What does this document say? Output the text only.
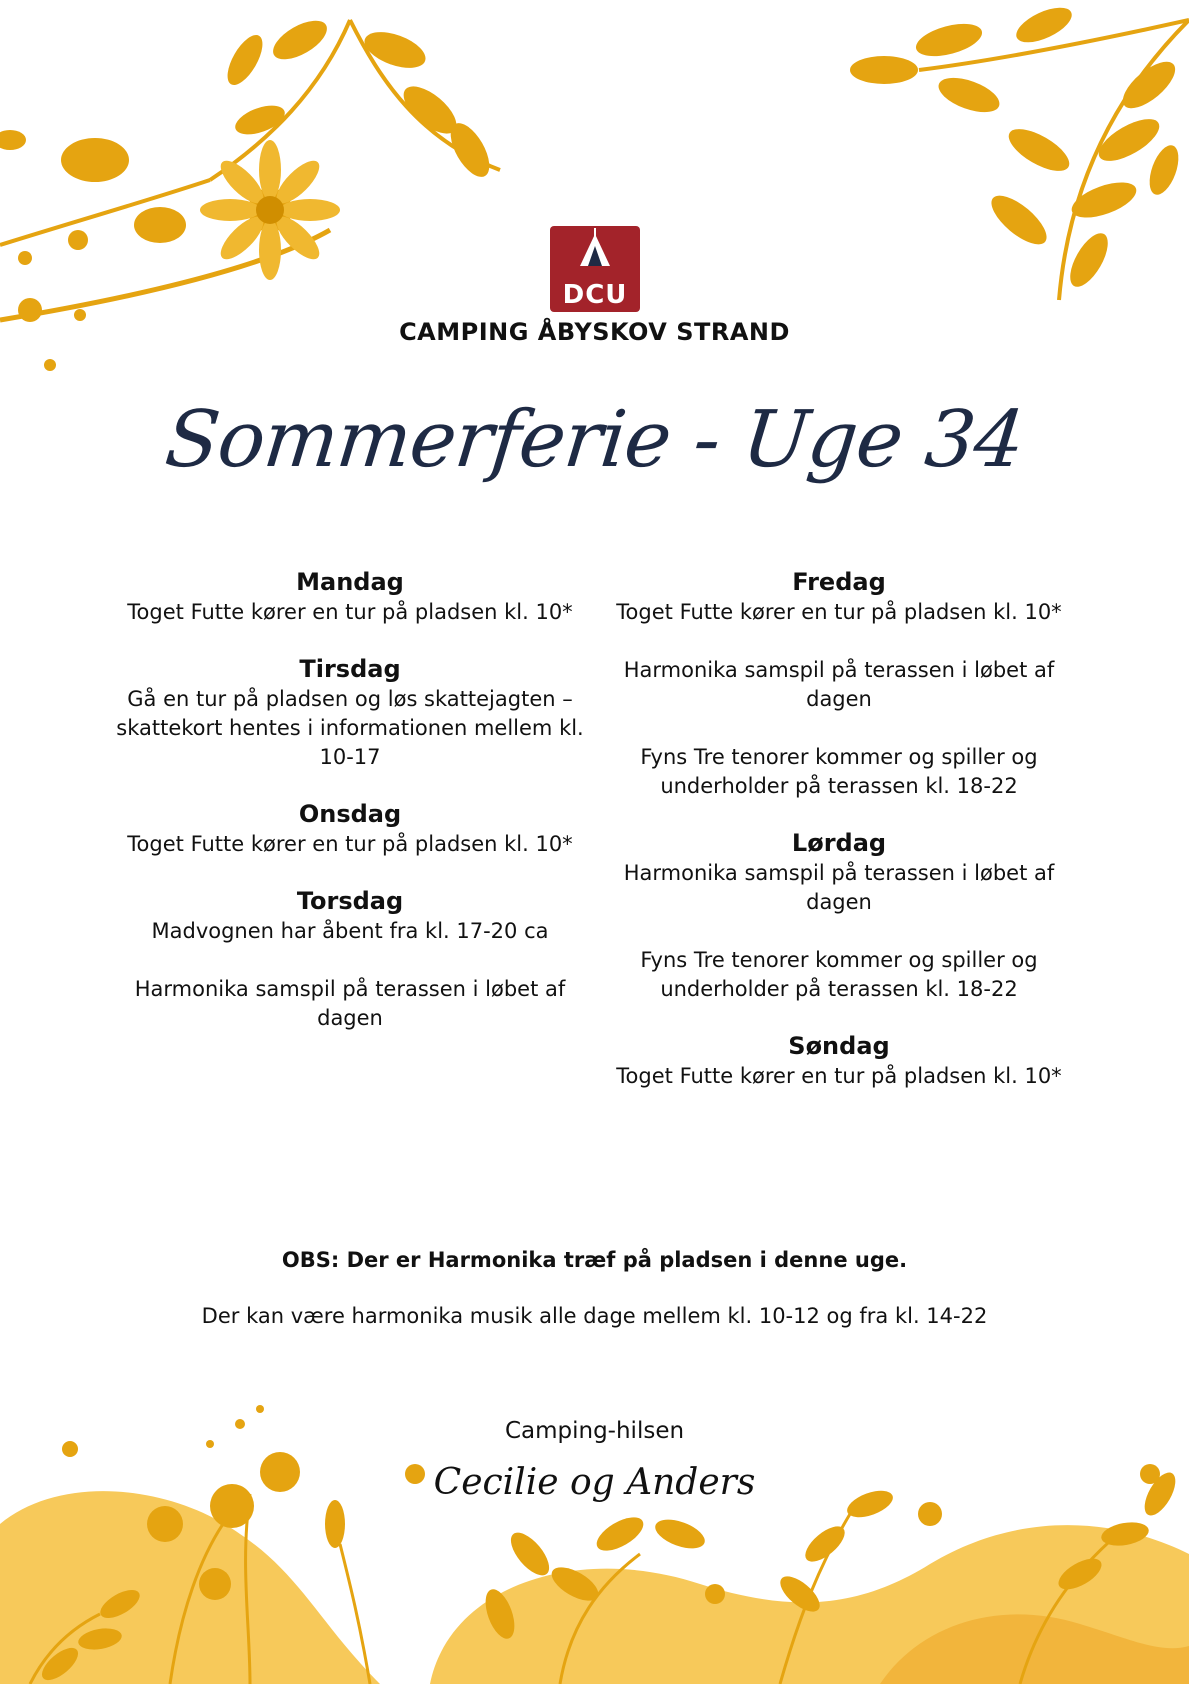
DCU
CAMPING ÅBYSKOV STRAND
Sommerferie - Uge 34
Mandag
Toget Futte kører en tur på pladsen kl. 10*
Tirsdag
Gå en tur på pladsen og løs skattejagten – skattekort hentes i informationen mellem kl. 10-17
Onsdag
Toget Futte kører en tur på pladsen kl. 10*
Torsdag
Madvognen har åbent fra kl. 17-20 ca
Harmonika samspil på terassen i løbet af dagen
Fredag
Toget Futte kører en tur på pladsen kl. 10*
Harmonika samspil på terassen i løbet af dagen
Fyns Tre tenorer kommer og spiller og underholder på terassen kl. 18-22
Lørdag
Harmonika samspil på terassen i løbet af dagen
Fyns Tre tenorer kommer og spiller og underholder på terassen kl. 18-22
Søndag
Toget Futte kører en tur på pladsen kl. 10*
OBS: Der er Harmonika træf på pladsen i denne uge.
Der kan være harmonika musik alle dage mellem kl. 10-12 og fra kl. 14-22
Camping-hilsen
Cecilie og Anders
